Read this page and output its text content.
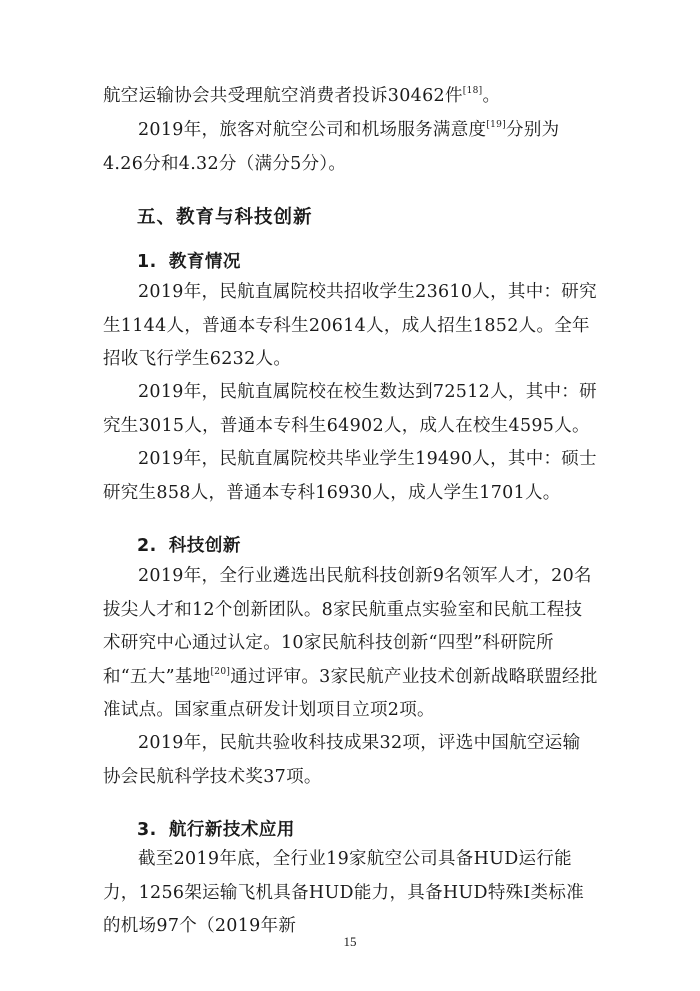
航空运输协会共受理航空消费者投诉30462件[18]。

2019年，旅客对航空公司和机场服务满意度[19]分别为4.26分和4.32分（满分5分）。

五、教育与科技创新
1. 教育情况

2019年，民航直属院校共招收学生23610人，其中：研究生1144人，普通本专科生20614人，成人招生1852人。全年招收飞行学生6232人。

2019年，民航直属院校在校生数达到72512人，其中：研究生3015人，普通本专科生64902人，成人在校生4595人。

2019年，民航直属院校共毕业学生19490人，其中：硕士研究生858人，普通本专科16930人，成人学生1701人。

2. 科技创新

2019年，全行业遴选出民航科技创新9名领军人才，20名拔尖人才和12个创新团队。8家民航重点实验室和民航工程技术研究中心通过认定。10家民航科技创新“四型”科研院所和“五大”基地[20]通过评审。3家民航产业技术创新战略联盟经批准试点。国家重点研发计划项目立项2项。

2019年，民航共验收科技成果32项，评选中国航空运输协会民航科学技术奖37项。

3. 航行新技术应用

截至2019年底，全行业19家航空公司具备HUD运行能力，1256架运输飞机具备HUD能力，具备HUD特殊Ⅰ类标准的机场97个（2019年新

15
